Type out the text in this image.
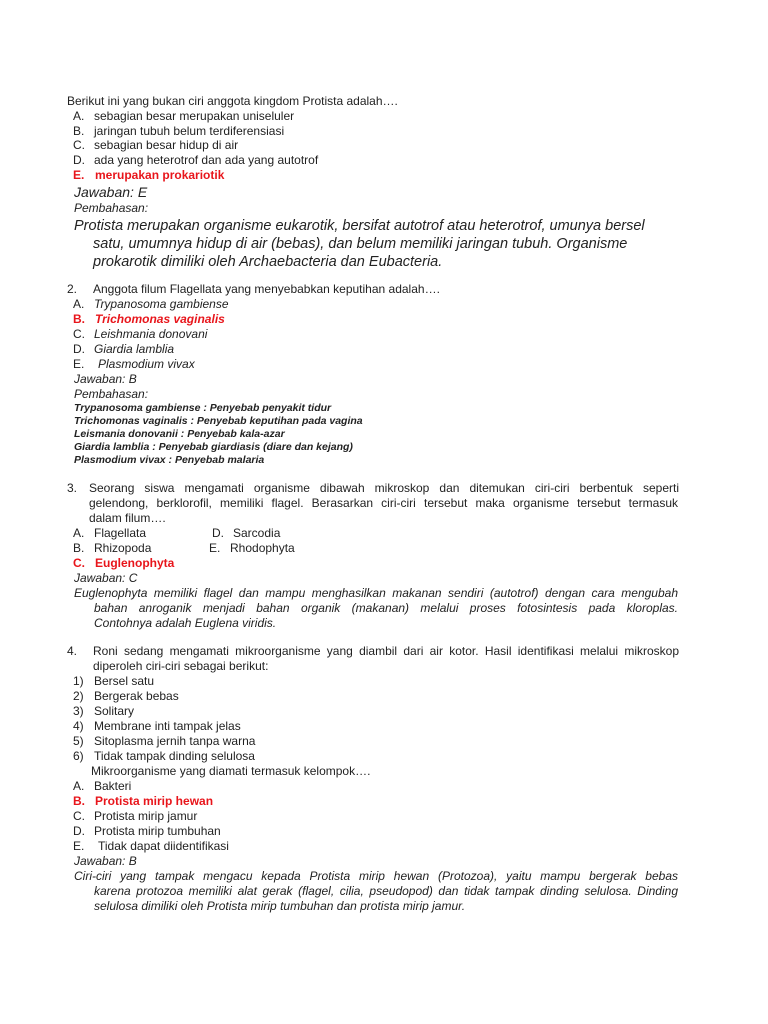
Berikut ini yang bukan ciri anggota kingdom Protista adalah….
A. sebagian besar merupakan uniseluler
B. jaringan tubuh belum terdiferensiasi
C. sebagian besar hidup di air
D. ada yang heterotrof dan ada yang autotrof
E. merupakan prokariotik
Jawaban: E
Pembahasan:
Protista merupakan organisme eukarotik, bersifat autotrof atau heterotrof, umunya bersel
satu, umumnya hidup di air (bebas), dan belum memiliki jaringan tubuh. Organisme
prokarotik dimiliki oleh Archaebacteria dan Eubacteria.
2. Anggota filum Flagellata yang menyebabkan keputihan adalah….
A. Trypanosoma gambiense
B. Trichomonas vaginalis
C. Leishmania donovani
D. Giardia lamblia
E. Plasmodium vivax
Jawaban: B
Pembahasan:
Trypanosoma gambiense : Penyebab penyakit tidur
Trichomonas vaginalis : Penyebab keputihan pada vagina
Leismania donovanii : Penyebab kala-azar
Giardia lamblia : Penyebab giardiasis (diare dan kejang)
Plasmodium vivax : Penyebab malaria
3. Seorang siswa mengamati organisme dibawah mikroskop dan ditemukan ciri-ciri berbentuk seperti
gelendong, berklorofil, memiliki flagel. Berasarkan ciri-ciri tersebut maka organisme tersebut termasuk
dalam filum….
A. Flagellata	D. Sarcodia
B. Rhizopoda	E. Rhodophyta
C. Euglenophyta
Jawaban: C
Euglenophyta memiliki flagel dan mampu menghasilkan makanan sendiri (autotrof) dengan cara mengubah
bahan anroganik menjadi bahan organik (makanan) melalui proses fotosintesis pada kloroplas.
Contohnya adalah Euglena viridis.
4. Roni sedang mengamati mikroorganisme yang diambil dari air kotor. Hasil identifikasi melalui mikroskop
diperoleh ciri-ciri sebagai berikut:
1) Bersel satu
2) Bergerak bebas
3) Solitary
4) Membrane inti tampak jelas
5) Sitoplasma jernih tanpa warna
6) Tidak tampak dinding selulosa
Mikroorganisme yang diamati termasuk kelompok….
A. Bakteri
B. Protista mirip hewan
C. Protista mirip jamur
D. Protista mirip tumbuhan
E. Tidak dapat diidentifikasi
Jawaban: B
Ciri-ciri yang tampak mengacu kepada Protista mirip hewan (Protozoa), yaitu mampu bergerak bebas
karena protozoa memiliki alat gerak (flagel, cilia, pseudopod) dan tidak tampak dinding selulosa. Dinding
selulosa dimiliki oleh Protista mirip tumbuhan dan protista mirip jamur.
